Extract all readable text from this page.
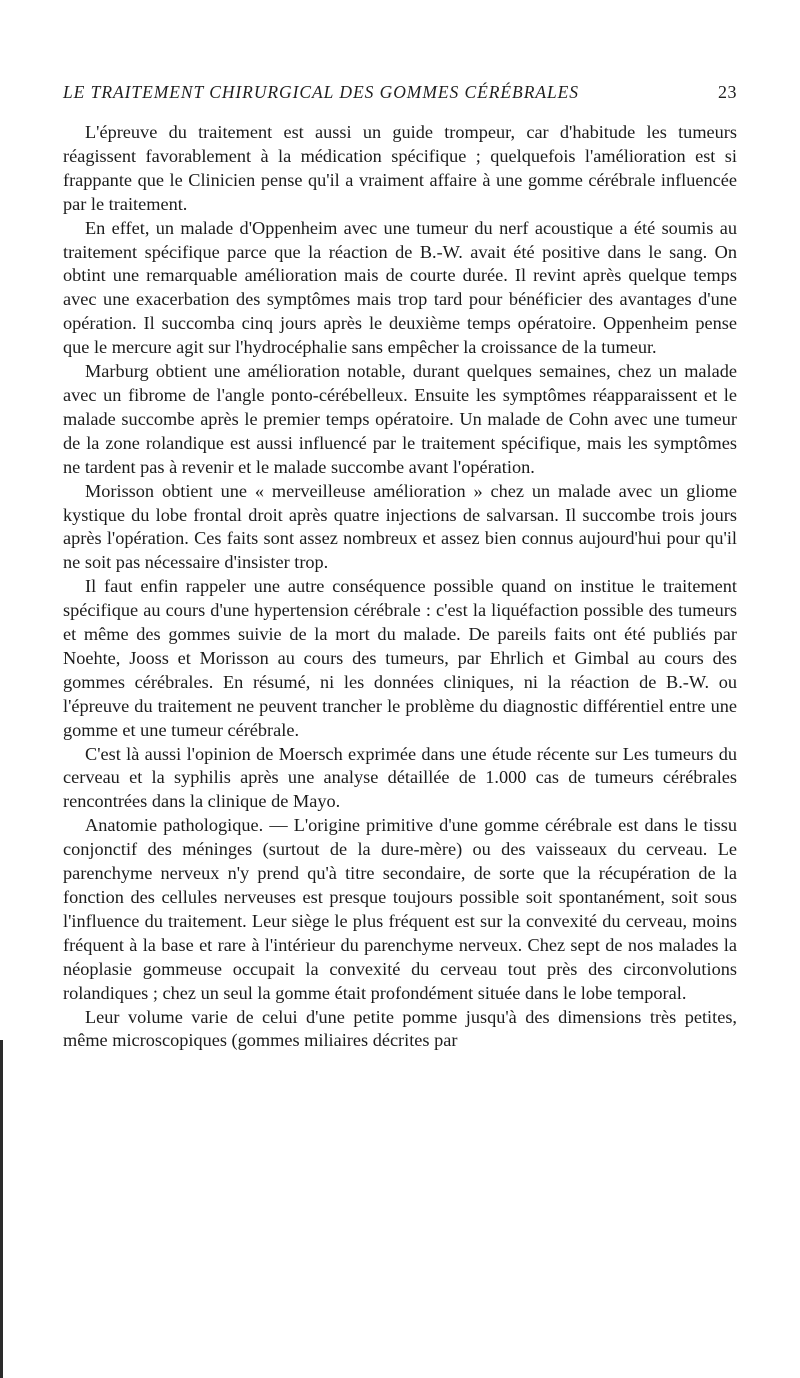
LE TRAITEMENT CHIRURGICAL DES GOMMES CÉRÉBRALES	23

L'épreuve du traitement est aussi un guide trompeur, car d'habitude les tumeurs réagissent favorablement à la médication spécifique ; quelquefois l'amélioration est si frappante que le Clinicien pense qu'il a vraiment affaire à une gomme cérébrale influencée par le traitement.

En effet, un malade d'Oppenheim avec une tumeur du nerf acoustique a été soumis au traitement spécifique parce que la réaction de B.-W. avait été positive dans le sang. On obtint une remarquable amélioration mais de courte durée. Il revint après quelque temps avec une exacerbation des symptômes mais trop tard pour bénéficier des avantages d'une opération. Il succomba cinq jours après le deuxième temps opératoire. Oppenheim pense que le mercure agit sur l'hydrocéphalie sans empêcher la croissance de la tumeur.

Marburg obtient une amélioration notable, durant quelques semaines, chez un malade avec un fibrome de l'angle ponto-cérébelleux. Ensuite les symptômes réapparaissent et le malade succombe après le premier temps opératoire. Un malade de Cohn avec une tumeur de la zone rolandique est aussi influencé par le traitement spécifique, mais les symptômes ne tardent pas à revenir et le malade succombe avant l'opération.

Morisson obtient une « merveilleuse amélioration » chez un malade avec un gliome kystique du lobe frontal droit après quatre injections de salvarsan. Il succombe trois jours après l'opération. Ces faits sont assez nombreux et assez bien connus aujourd'hui pour qu'il ne soit pas nécessaire d'insister trop.

Il faut enfin rappeler une autre conséquence possible quand on institue le traitement spécifique au cours d'une hypertension cérébrale : c'est la liquéfaction possible des tumeurs et même des gommes suivie de la mort du malade. De pareils faits ont été publiés par Noehte, Jooss et Morisson au cours des tumeurs, par Ehrlich et Gimbal au cours des gommes cérébrales. En résumé, ni les données cliniques, ni la réaction de B.-W. ou l'épreuve du traitement ne peuvent trancher le problème du diagnostic différentiel entre une gomme et une tumeur cérébrale.

C'est là aussi l'opinion de Moersch exprimée dans une étude récente sur Les tumeurs du cerveau et la syphilis après une analyse détaillée de 1.000 cas de tumeurs cérébrales rencontrées dans la clinique de Mayo.

Anatomie pathologique. — L'origine primitive d'une gomme cérébrale est dans le tissu conjonctif des méninges (surtout de la dure-mère) ou des vaisseaux du cerveau. Le parenchyme nerveux n'y prend qu'à titre secondaire, de sorte que la récupération de la fonction des cellules nerveuses est presque toujours possible soit spontanément, soit sous l'influence du traitement. Leur siège le plus fréquent est sur la convexité du cerveau, moins fréquent à la base et rare à l'intérieur du parenchyme nerveux. Chez sept de nos malades la néoplasie gommeuse occupait la convexité du cerveau tout près des circonvolutions rolandiques ; chez un seul la gomme était profondément située dans le lobe temporal.

Leur volume varie de celui d'une petite pomme jusqu'à des dimensions très petites, même microscopiques (gommes miliaires décrites par
